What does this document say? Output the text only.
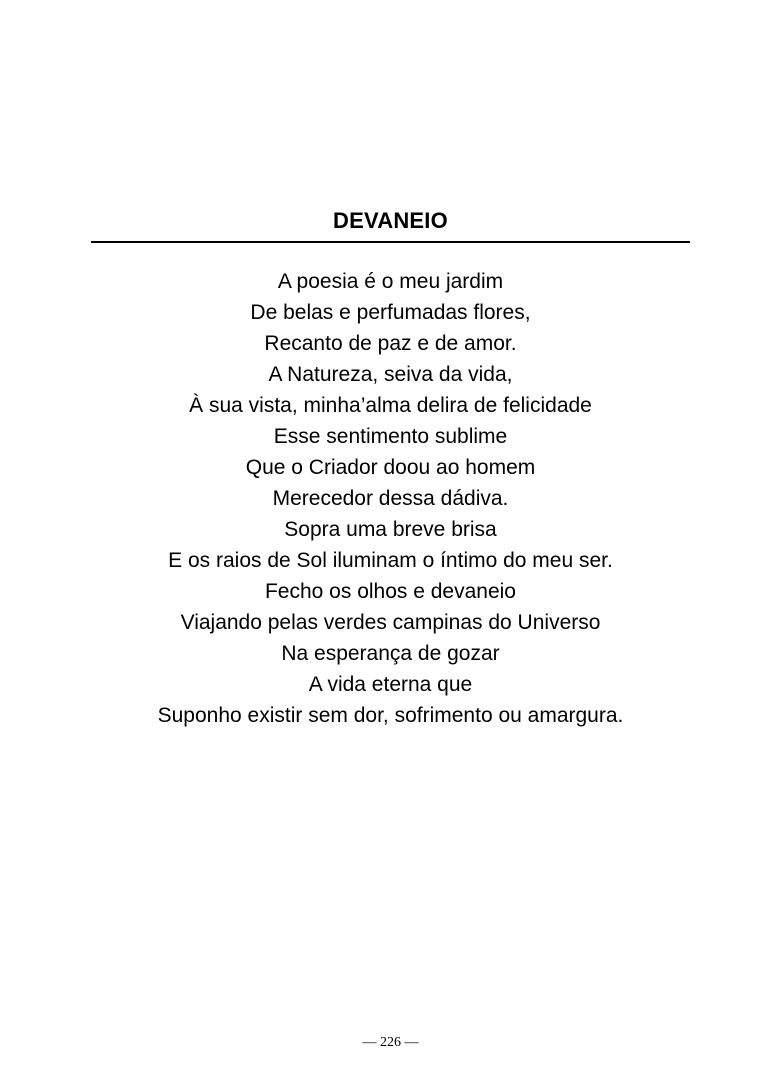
DEVANEIO
A poesia é o meu jardim
De belas e perfumadas flores,
Recanto de paz e de amor.
A Natureza, seiva da vida,
À sua vista, minha’alma delira de felicidade
Esse sentimento sublime
Que o Criador doou ao homem
Merecedor dessa dádiva.
Sopra uma breve brisa
E os raios de Sol iluminam o íntimo do meu ser.
Fecho os olhos e devaneio
Viajando pelas verdes campinas do Universo
Na esperança de gozar
A vida eterna que
Suponho existir sem dor, sofrimento ou amargura.
— 226 —
